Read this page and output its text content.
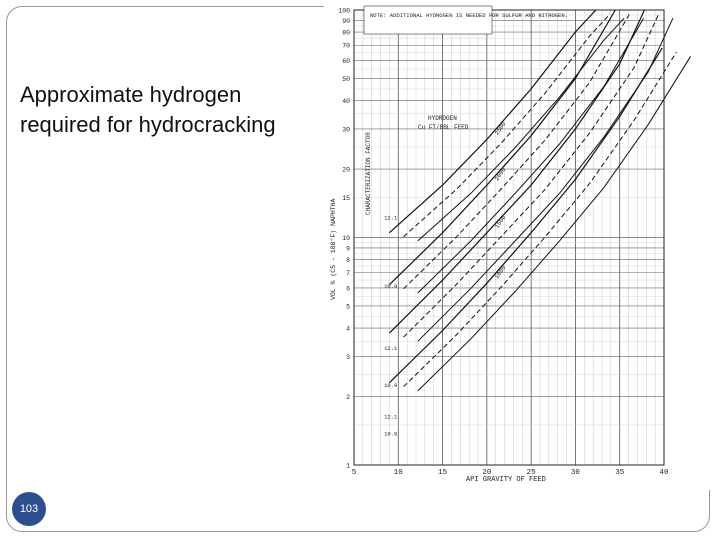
Approximate hydrogen
required for hydrocracking
5	10	15	20	25	30	35	40
1
2
3
4
5
6
7
8
9
10
15
20
30
40
50
60
70
80
90
100
2500
2000
1500
1000
12.1
10.9
12.1
10.9
12.1
10.9
NOTE: ADDITIONAL HYDROGEN IS NEEDED FOR SULFUR AND NITROGEN.
HYDROGEN
Cu FT/BBL FEED
CHARACTERIZATION FACTOR
VOL % (C5 - 180°F) NAPHTHA
API GRAVITY OF FEED
103
